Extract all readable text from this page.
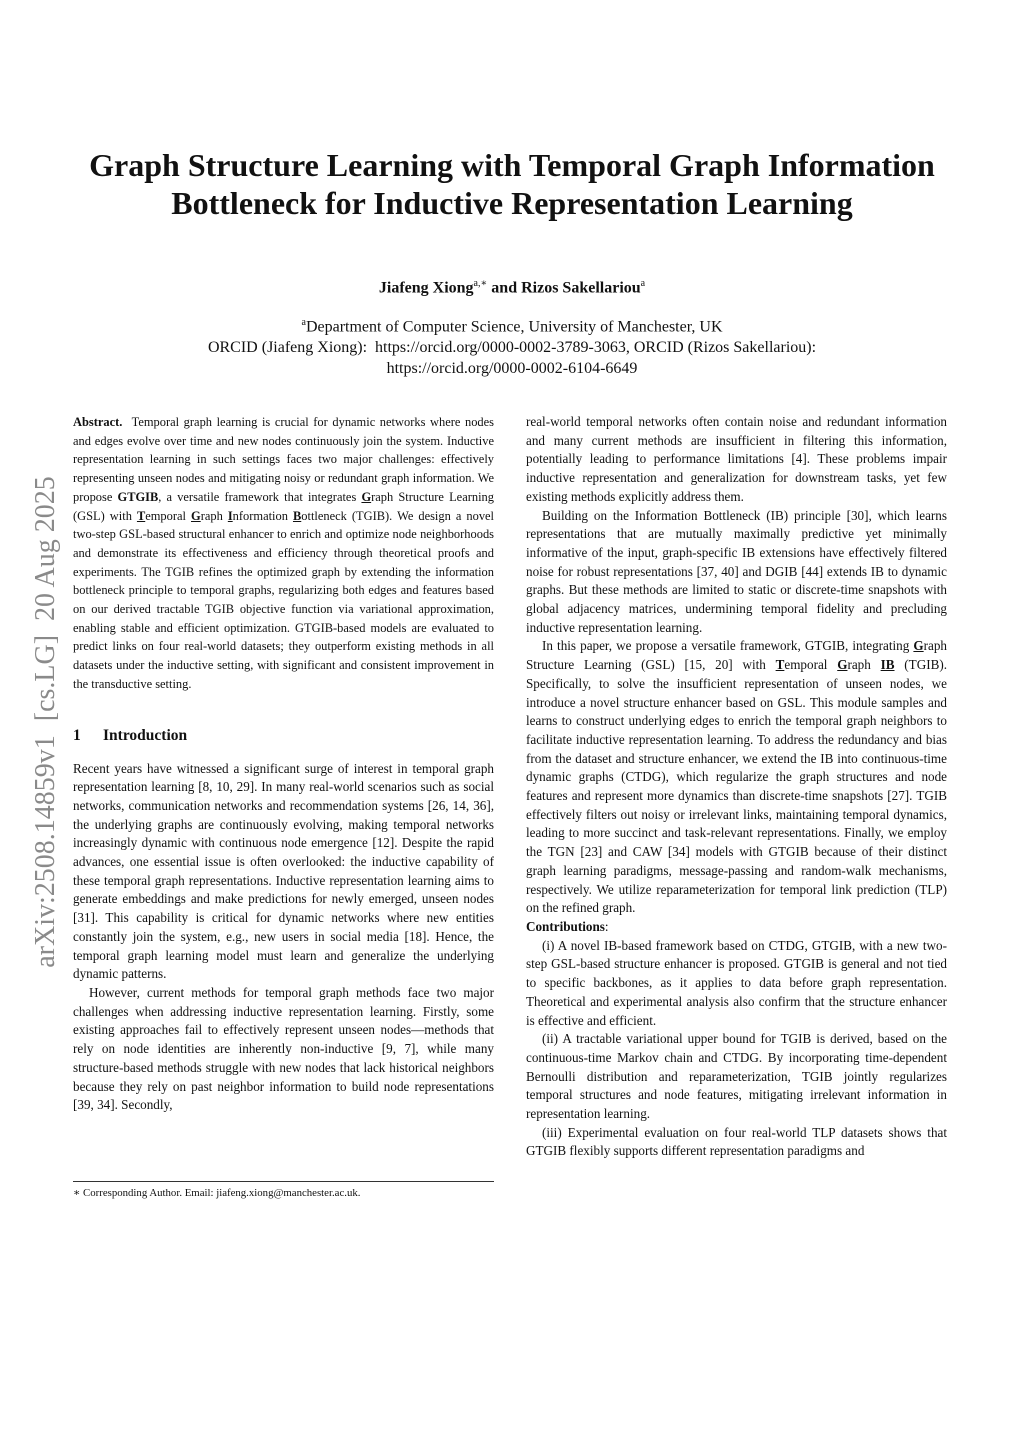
Graph Structure Learning with Temporal Graph Information Bottleneck for Inductive Representation Learning
Jiafeng Xiong$^{a,∗}$ and Rizos Sakellariou$^a$
$^a$Department of Computer Science, University of Manchester, UK
ORCID (Jiafeng Xiong):  https://orcid.org/0000-0002-3789-3063, ORCID (Rizos Sakellariou):
https://orcid.org/0000-0002-6104-6649
arXiv:2508.14859v1  [cs.LG]  20 Aug 2025

Abstract. Temporal graph learning is crucial for dynamic networks where nodes and edges evolve over time and new nodes continuously join the system. Inductive representation learning in such settings faces two major challenges: effectively representing unseen nodes and mitigating noisy or redundant graph information. We propose GTGIB, a versatile framework that integrates Graph Structure Learning (GSL) with Temporal Graph Information Bottleneck (TGIB). We design a novel two-step GSL-based structural enhancer to enrich and optimize node neighborhoods and demonstrate its effectiveness and efficiency through theoretical proofs and experiments. The TGIB refines the optimized graph by extending the information bottleneck principle to temporal graphs, regularizing both edges and features based on our derived tractable TGIB objective function via variational approximation, enabling stable and efficient optimization. GTGIB-based models are evaluated to predict links on four real-world datasets; they outperform existing methods in all datasets under the inductive setting, with significant and consistent improvement in the transductive setting.

1 Introduction

Recent years have witnessed a significant surge of interest in temporal graph representation learning [8, 10, 29]. In many real-world scenarios such as social networks, communication networks and recommendation systems [26, 14, 36], the underlying graphs are continuously evolving, making temporal networks increasingly dynamic with continuous node emergence [12]. Despite the rapid advances, one essential issue is often overlooked: the inductive capability of these temporal graph representations. Inductive representation learning aims to generate embeddings and make predictions for newly emerged, unseen nodes [31]. This capability is critical for dynamic networks where new entities constantly join the system, e.g., new users in social media [18]. Hence, the temporal graph learning model must learn and generalize the underlying dynamic patterns.

However, current methods for temporal graph methods face two major challenges when addressing inductive representation learning. Firstly, some existing approaches fail to effectively represent unseen nodes—methods that rely on node identities are inherently non-inductive [9, 7], while many structure-based methods struggle with new nodes that lack historical neighbors because they rely on past neighbor information to build node representations [39, 34]. Secondly,

∗ Corresponding Author. Email: jiafeng.xiong@manchester.ac.uk.

real-world temporal networks often contain noise and redundant information and many current methods are insufficient in filtering this information, potentially leading to performance limitations [4]. These problems impair inductive representation and generalization for downstream tasks, yet few existing methods explicitly address them.

Building on the Information Bottleneck (IB) principle [30], which learns representations that are mutually maximally predictive yet minimally informative of the input, graph-specific IB extensions have effectively filtered noise for robust representations [37, 40] and DGIB [44] extends IB to dynamic graphs. But these methods are limited to static or discrete-time snapshots with global adjacency matrices, undermining temporal fidelity and precluding inductive representation learning.

In this paper, we propose a versatile framework, GTGIB, integrating Graph Structure Learning (GSL) [15, 20] with Temporal Graph IB (TGIB). Specifically, to solve the insufficient representation of unseen nodes, we introduce a novel structure enhancer based on GSL. This module samples and learns to construct underlying edges to enrich the temporal graph neighbors to facilitate inductive representation learning. To address the redundancy and bias from the dataset and structure enhancer, we extend the IB into continuous-time dynamic graphs (CTDG), which regularize the graph structures and node features and represent more dynamics than discrete-time snapshots [27]. TGIB effectively filters out noisy or irrelevant links, maintaining temporal dynamics, leading to more succinct and task-relevant representations. Finally, we employ the TGN [23] and CAW [34] models with GTGIB because of their distinct graph learning paradigms, message-passing and random-walk mechanisms, respectively. We utilize reparameterization for temporal link prediction (TLP) on the refined graph.

Contributions:

(i) A novel IB-based framework based on CTDG, GTGIB, with a new two-step GSL-based structure enhancer is proposed. GTGIB is general and not tied to specific backbones, as it applies to data before graph representation. Theoretical and experimental analysis also confirm that the structure enhancer is effective and efficient.

(ii) A tractable variational upper bound for TGIB is derived, based on the continuous-time Markov chain and CTDG. By incorporating time-dependent Bernoulli distribution and reparameterization, TGIB jointly regularizes temporal structures and node features, mitigating irrelevant information in representation learning.

(iii) Experimental evaluation on four real-world TLP datasets shows that GTGIB flexibly supports different representation paradigms and
